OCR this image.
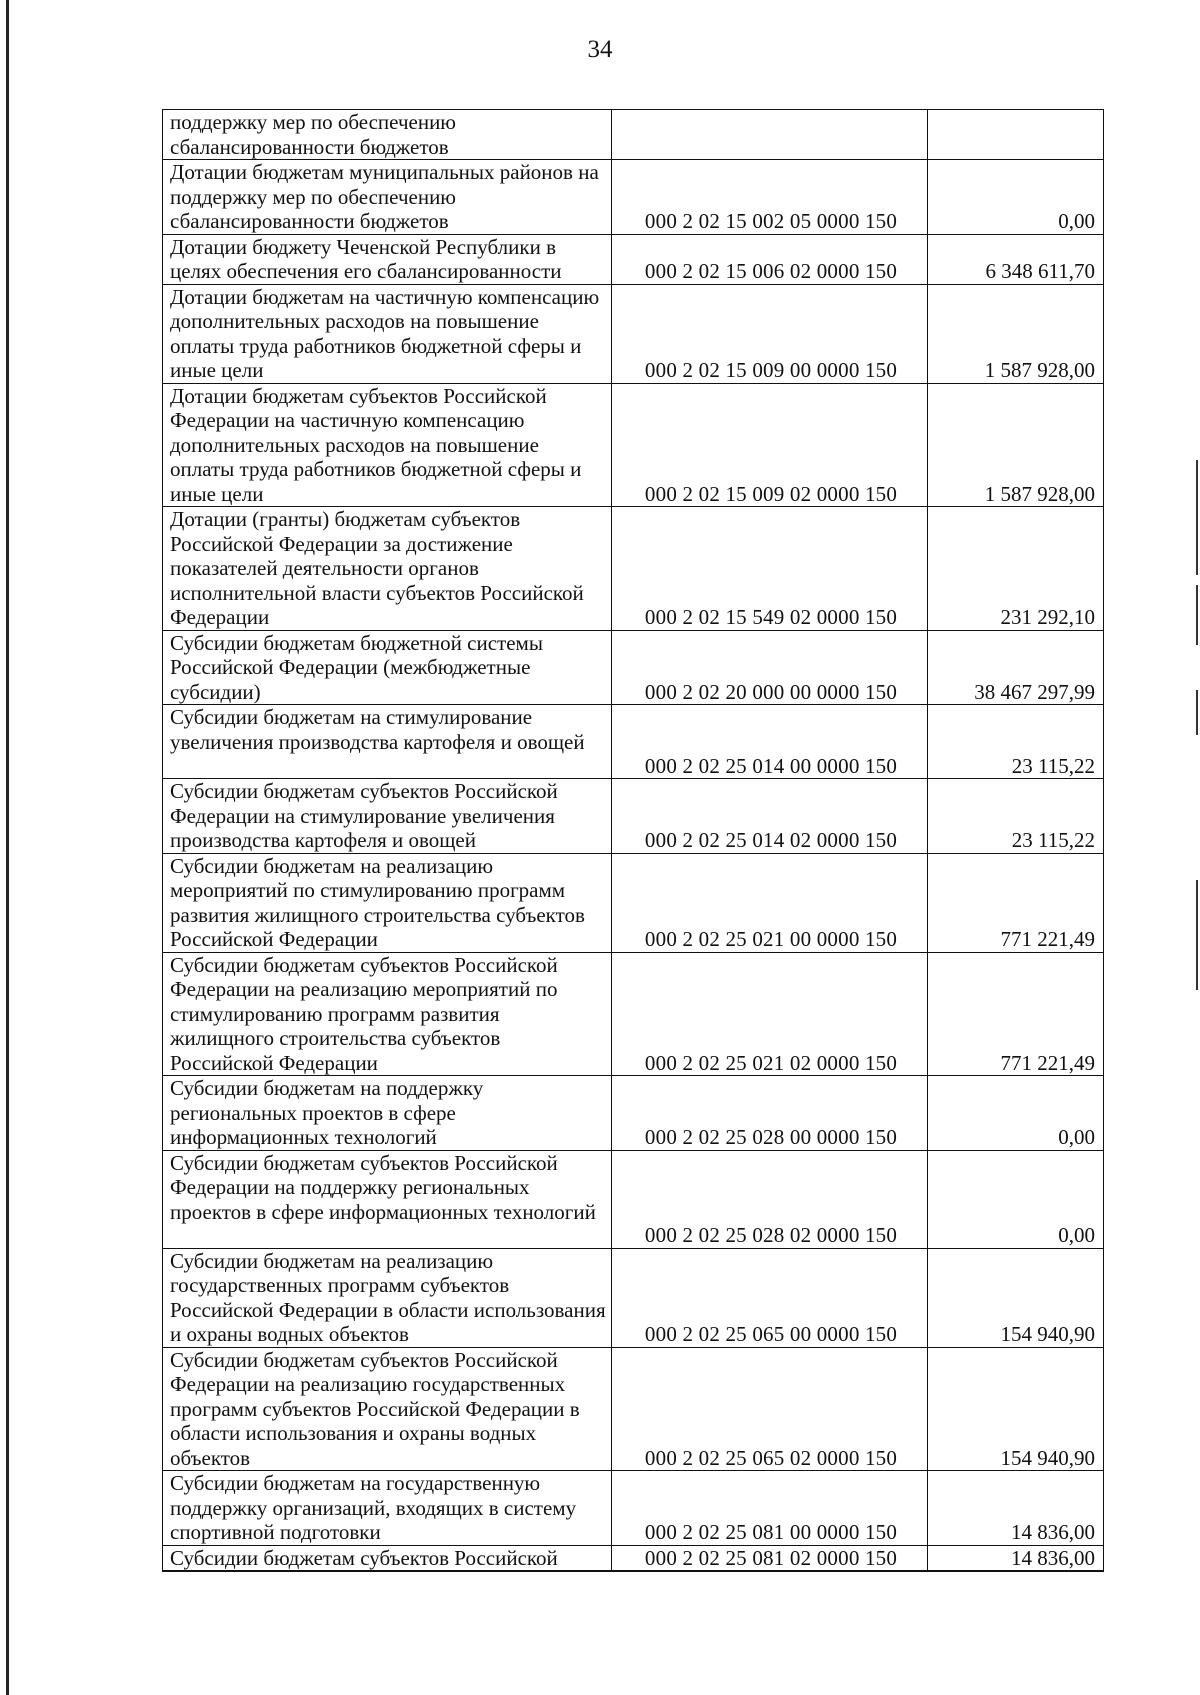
34
поддержку мер по обеспечению сбалансированности бюджетов		
Дотации бюджетам муниципальных районов на поддержку мер по обеспечению сбалансированности бюджетов	000 2 02 15 002 05 0000 150	0,00
Дотации бюджету Чеченской Республики в целях обеспечения его сбалансированности	000 2 02 15 006 02 0000 150	6 348 611,70
Дотации бюджетам на частичную компенсацию дополнительных расходов на повышение оплаты труда работников бюджетной сферы и иные цели	000 2 02 15 009 00 0000 150	1 587 928,00
Дотации бюджетам субъектов Российской Федерации на частичную компенсацию дополнительных расходов на повышение оплаты труда работников бюджетной сферы и иные цели	000 2 02 15 009 02 0000 150	1 587 928,00
Дотации (гранты) бюджетам субъектов Российской Федерации за достижение показателей деятельности органов исполнительной власти субъектов Российской Федерации	000 2 02 15 549 02 0000 150	231 292,10
Субсидии бюджетам бюджетной системы Российской Федерации (межбюджетные субсидии)	000 2 02 20 000 00 0000 150	38 467 297,99
Субсидии бюджетам на стимулирование увеличения производства картофеля и овощей	000 2 02 25 014 00 0000 150	23 115,22
Субсидии бюджетам субъектов Российской Федерации на стимулирование увеличения производства картофеля и овощей	000 2 02 25 014 02 0000 150	23 115,22
Субсидии бюджетам на реализацию мероприятий по стимулированию программ развития жилищного строительства субъектов Российской Федерации	000 2 02 25 021 00 0000 150	771 221,49
Субсидии бюджетам субъектов Российской Федерации на реализацию мероприятий по стимулированию программ развития жилищного строительства субъектов Российской Федерации	000 2 02 25 021 02 0000 150	771 221,49
Субсидии бюджетам на поддержку региональных проектов в сфере информационных технологий	000 2 02 25 028 00 0000 150	0,00
Субсидии бюджетам субъектов Российской Федерации на поддержку региональных проектов в сфере информационных технологий	000 2 02 25 028 02 0000 150	0,00
Субсидии бюджетам на реализацию государственных программ субъектов Российской Федерации в области использования и охраны водных объектов	000 2 02 25 065 00 0000 150	154 940,90
Субсидии бюджетам субъектов Российской Федерации на реализацию государственных программ субъектов Российской Федерации в области использования и охраны водных объектов	000 2 02 25 065 02 0000 150	154 940,90
Субсидии бюджетам на государственную поддержку организаций, входящих в систему спортивной подготовки	000 2 02 25 081 00 0000 150	14 836,00
Субсидии бюджетам субъектов Российской	000 2 02 25 081 02 0000 150	14 836,00
